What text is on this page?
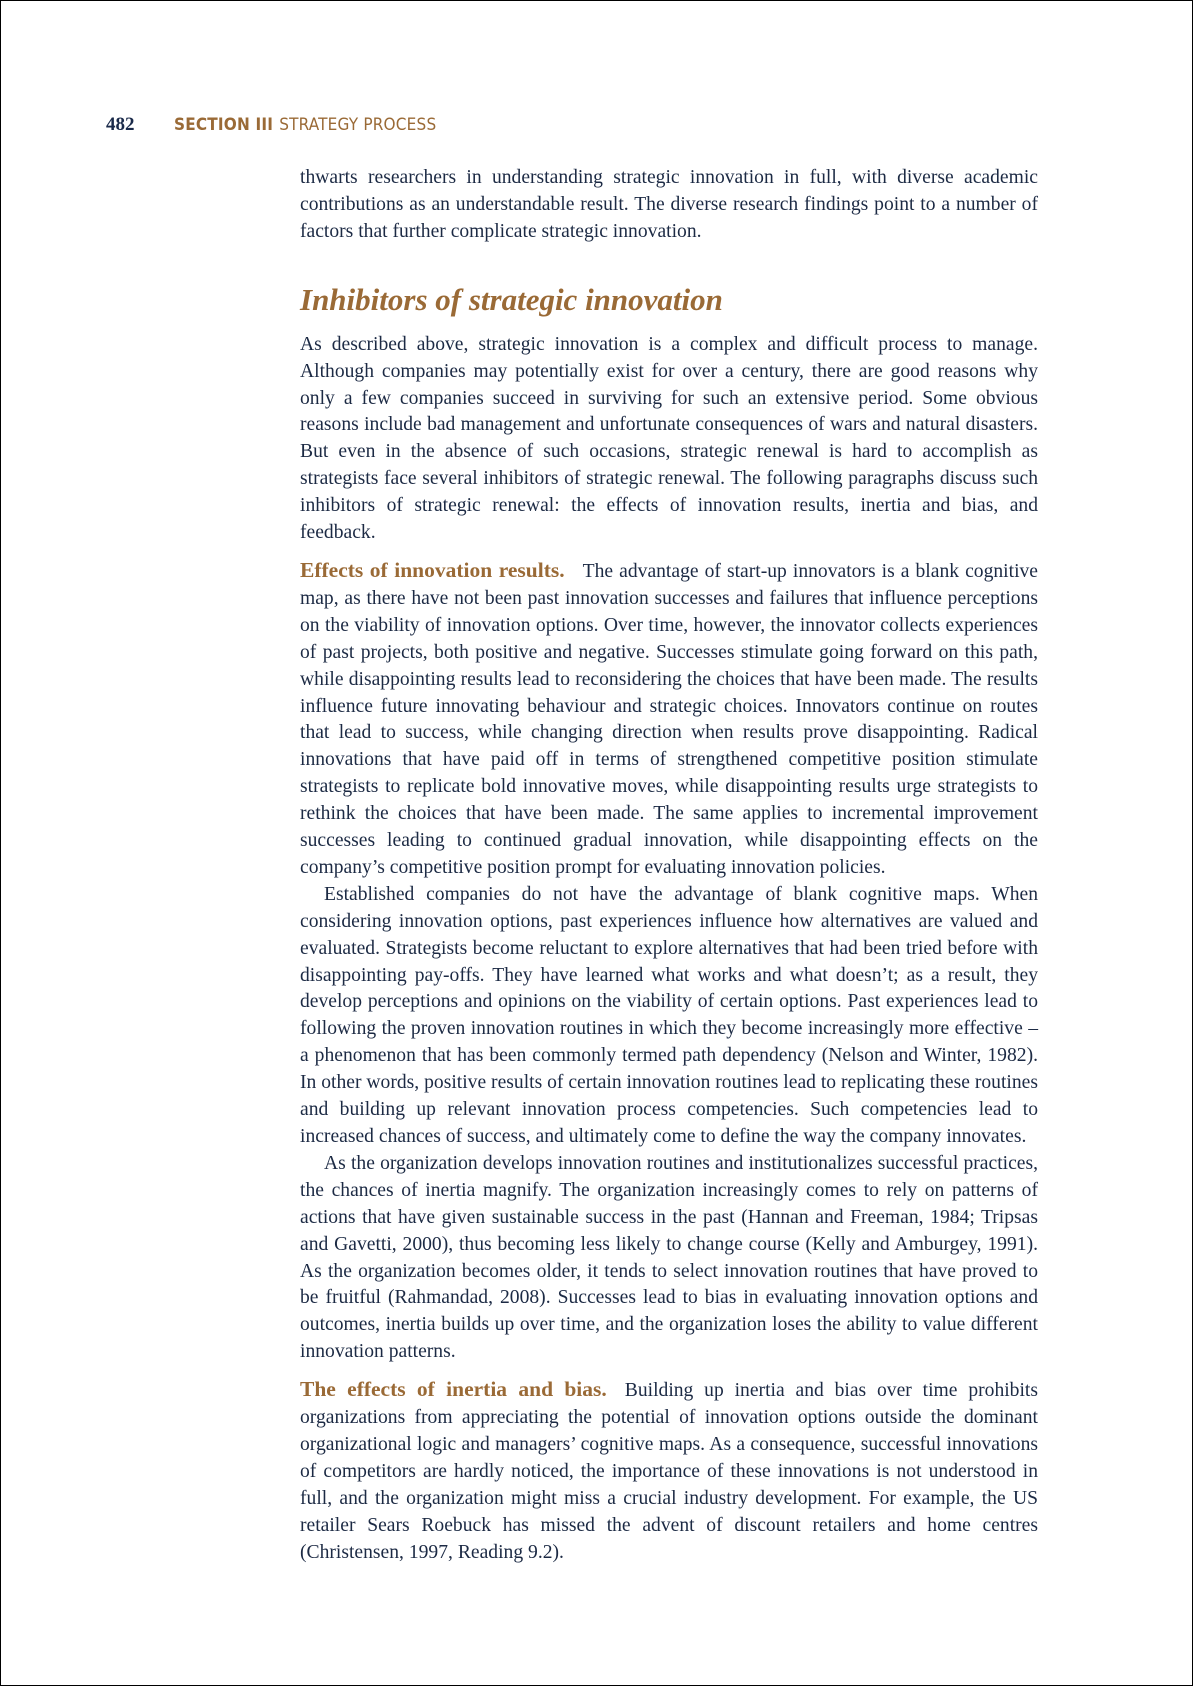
482 SECTION III STRATEGY PROCESS

thwarts researchers in understanding strategic innovation in full, with diverse academic contributions as an understandable result. The diverse research findings point to a number of factors that further complicate strategic innovation.

Inhibitors of strategic innovation

As described above, strategic innovation is a complex and difficult process to manage. Although companies may potentially exist for over a century, there are good reasons why only a few companies succeed in surviving for such an extensive period. Some obvious reasons include bad management and unfortunate consequences of wars and natural disasters. But even in the absence of such occasions, strategic renewal is hard to accomplish as strategists face several inhibitors of strategic renewal. The following paragraphs discuss such inhibitors of strategic renewal: the effects of innovation results, inertia and bias, and feedback.

Effects of innovation results. The advantage of start-up innovators is a blank cognitive map, as there have not been past innovation successes and failures that influence perceptions on the viability of innovation options. Over time, however, the innovator collects experiences of past projects, both positive and negative. Successes stimulate going forward on this path, while disappointing results lead to reconsidering the choices that have been made. The results influence future innovating behaviour and strategic choices. Innovators continue on routes that lead to success, while changing direction when results prove disappointing. Radical innovations that have paid off in terms of strengthened competitive position stimulate strategists to replicate bold innovative moves, while disappointing results urge strategists to rethink the choices that have been made. The same applies to incremental improvement successes leading to continued gradual innovation, while disappointing effects on the company’s competitive position prompt for evaluating innovation policies.

Established companies do not have the advantage of blank cognitive maps. When considering innovation options, past experiences influence how alternatives are valued and evaluated. Strategists become reluctant to explore alternatives that had been tried before with disappointing pay-offs. They have learned what works and what doesn’t; as a result, they develop perceptions and opinions on the viability of certain options. Past experiences lead to following the proven innovation routines in which they become increasingly more effective – a phenomenon that has been commonly termed path dependency (Nelson and Winter, 1982). In other words, positive results of certain innovation routines lead to replicating these routines and building up relevant innovation process competencies. Such competencies lead to increased chances of success, and ultimately come to define the way the company innovates.

As the organization develops innovation routines and institutionalizes successful practices, the chances of inertia magnify. The organization increasingly comes to rely on patterns of actions that have given sustainable success in the past (Hannan and Freeman, 1984; Tripsas and Gavetti, 2000), thus becoming less likely to change course (Kelly and Amburgey, 1991). As the organization becomes older, it tends to select innovation routines that have proved to be fruitful (Rahmandad, 2008). Successes lead to bias in evaluating innovation options and outcomes, inertia builds up over time, and the organization loses the ability to value different innovation patterns.

The effects of inertia and bias. Building up inertia and bias over time prohibits organizations from appreciating the potential of innovation options outside the dominant organizational logic and managers’ cognitive maps. As a consequence, successful innovations of competitors are hardly noticed, the importance of these innovations is not understood in full, and the organization might miss a crucial industry development. For example, the US retailer Sears Roebuck has missed the advent of discount retailers and home centres (Christensen, 1997, Reading 9.2).
